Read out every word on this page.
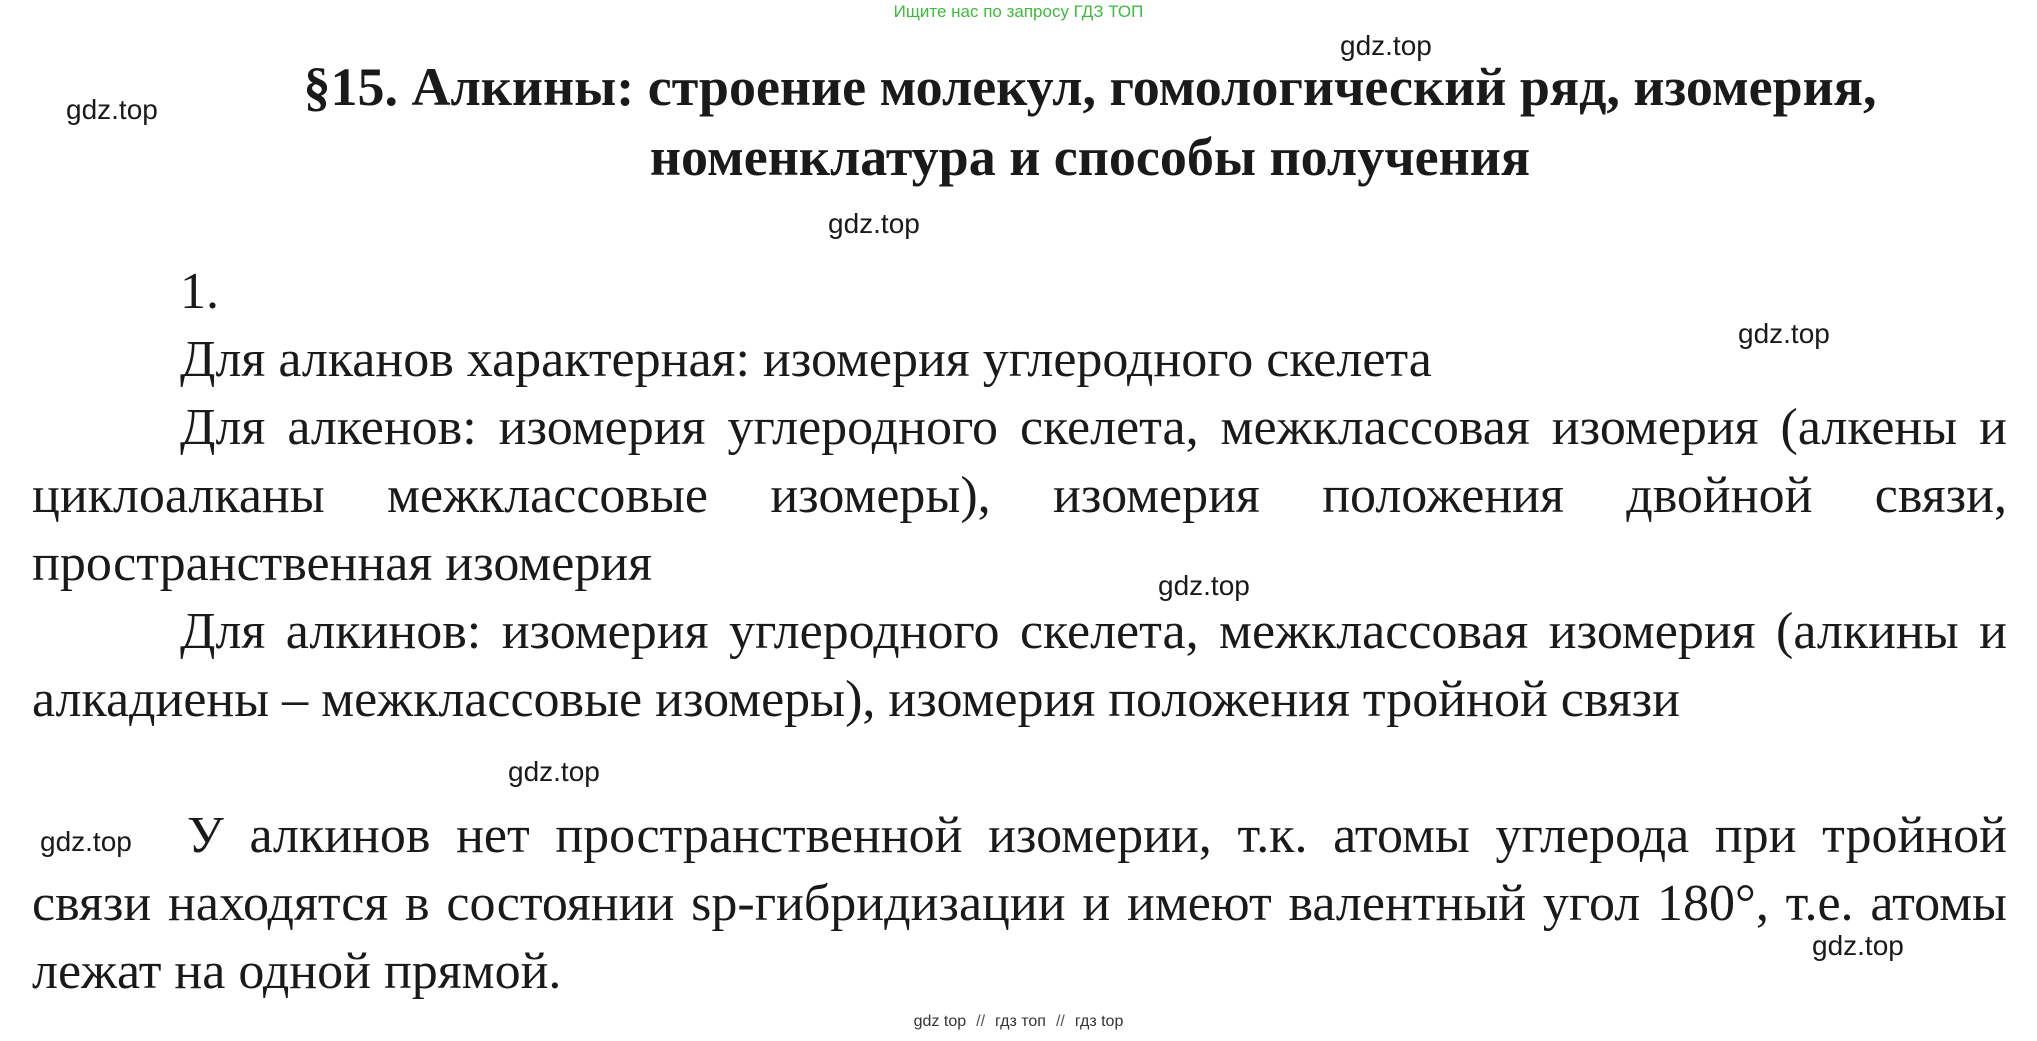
Ищите нас по запросу ГДЗ ТОП
gdz.top
gdz.top
gdz.top
gdz.top
gdz.top
gdz.top
gdz.top
gdz.top
§15. Алкины: строение молекул, гомологический ряд, изомерия,
номенклатура и способы получения
1.
Для алканов характерная: изомерия углеродного скелета
Для алкенов: изомерия углеродного скелета, межклассовая изомерия (алкены и циклоалканы межклассовые изомеры), изомерия положения двойной связи, пространственная изомерия
Для алкинов: изомерия углеродного скелета, межклассовая изомерия (алкины и алкадиены – межклассовые изомеры), изомерия положения тройной связи
У алкинов нет пространственной изомерии, т.к. атомы углерода при тройной связи находятся в состоянии sp-гибридизации и имеют валентный угол 180°, т.е. атомы лежат на одной прямой.
gdz top // гдз топ // гдз top
